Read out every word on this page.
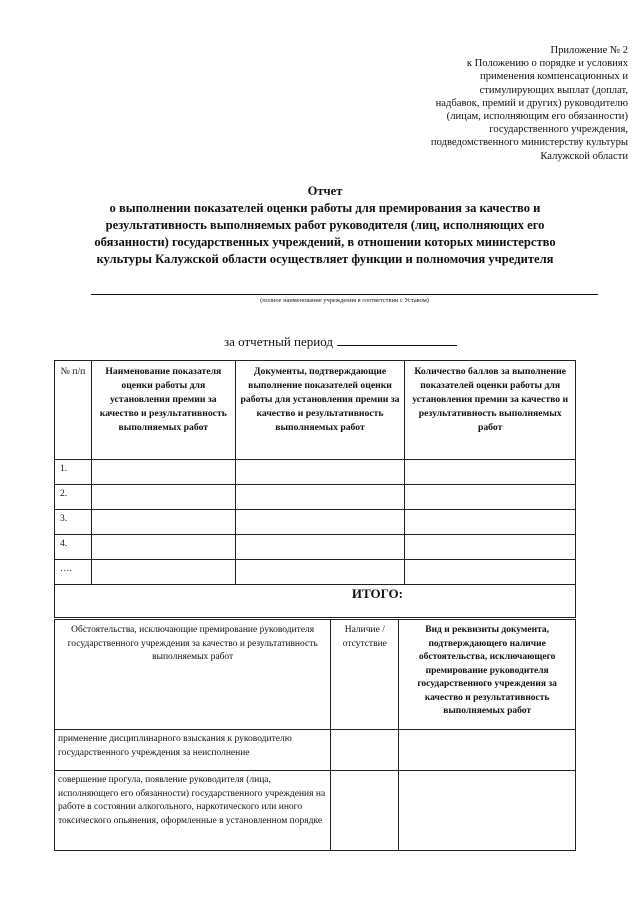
Приложение № 2
к Положению о порядке и условиях
применения компенсационных и
стимулирующих выплат (доплат,
надбавок, премий и других) руководителю
(лицам, исполняющим его обязанности)
государственного учреждения,
подведомственного министерству культуры
Калужской области
Отчет
о выполнении показателей оценки работы для премирования за качество и
результативность выполняемых работ руководителя (лиц, исполняющих его
обязанности) государственных учреждений, в отношении которых министерство
культуры Калужской области осуществляет функции и полномочия учредителя
(полное наименование учреждения в соответствии с Уставом)
за отчетный период
№ п/п	Наименование показателя оценки работы для установления премии за качество и результативность выполняемых работ	Документы, подтверждающие выполнение показателей оценки работы для установления премии за качество и результативность выполняемых работ	Количество баллов за выполнение показателей оценки работы для установления премии за качество и результативность выполняемых работ
1.			
2.			
3.			
4.			
….			
ИТОГО:			
Обстоятельства, исключающие премирование руководителя государственного учреждения за качество и результативность выполняемых работ	Наличие / отсутствие	Вид и реквизиты документа, подтверждающего наличие обстоятельства, исключающего премирование руководителя государственного учреждения за качество и результативность выполняемых работ
применение дисциплинарного взыскания к руководителю государственного учреждения за неисполнение		
совершение прогула, появление руководителя (лица, исполняющего его обязанности) государственного учреждения на работе в состоянии алкогольного, наркотического или иного токсического опьянения, оформленные в установленном порядке		
